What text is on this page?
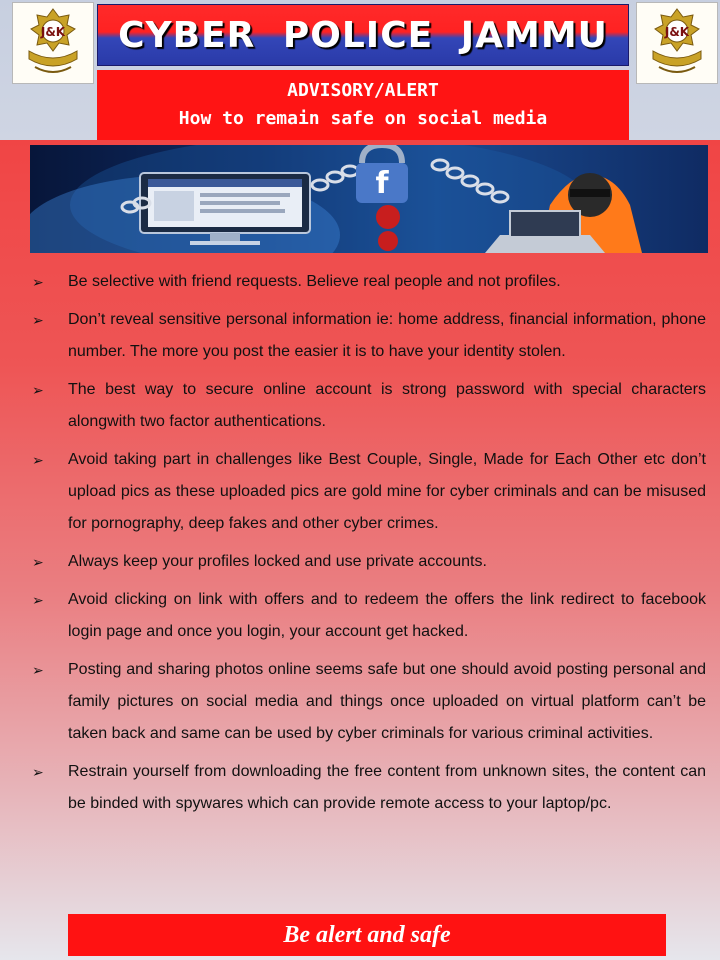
J&K CYBER POLICE JAMMU	J&K
ADVISORY/ALERT
How to remain safe on social media
f
➢ Be selective with friend requests. Believe real people and not profiles.
➢ Don’t reveal sensitive personal information ie: home address, financial information, phone number. The more you post the easier it is to have your identity stolen.
➢ The best way to secure online account is strong password with special characters alongwith two factor authentications.
➢ Avoid taking part in challenges like Best Couple, Single, Made for Each Other etc don’t upload pics as these uploaded pics are gold mine for cyber criminals and can be misused for pornography, deep fakes and other cyber crimes.
➢ Always keep your profiles locked and use private accounts.
➢ Avoid clicking on link with offers and to redeem the offers the link redirect to facebook login page and once you login, your account get hacked.
➢ Posting and sharing photos online seems safe but one should avoid posting personal and family pictures on social media and things once uploaded on virtual platform can’t be taken back and same can be used by cyber criminals for various criminal activities.
➢ Restrain yourself from downloading the free content from unknown sites, the content can be binded with spywares which can provide remote access to your laptop/pc.
Be alert and safe
